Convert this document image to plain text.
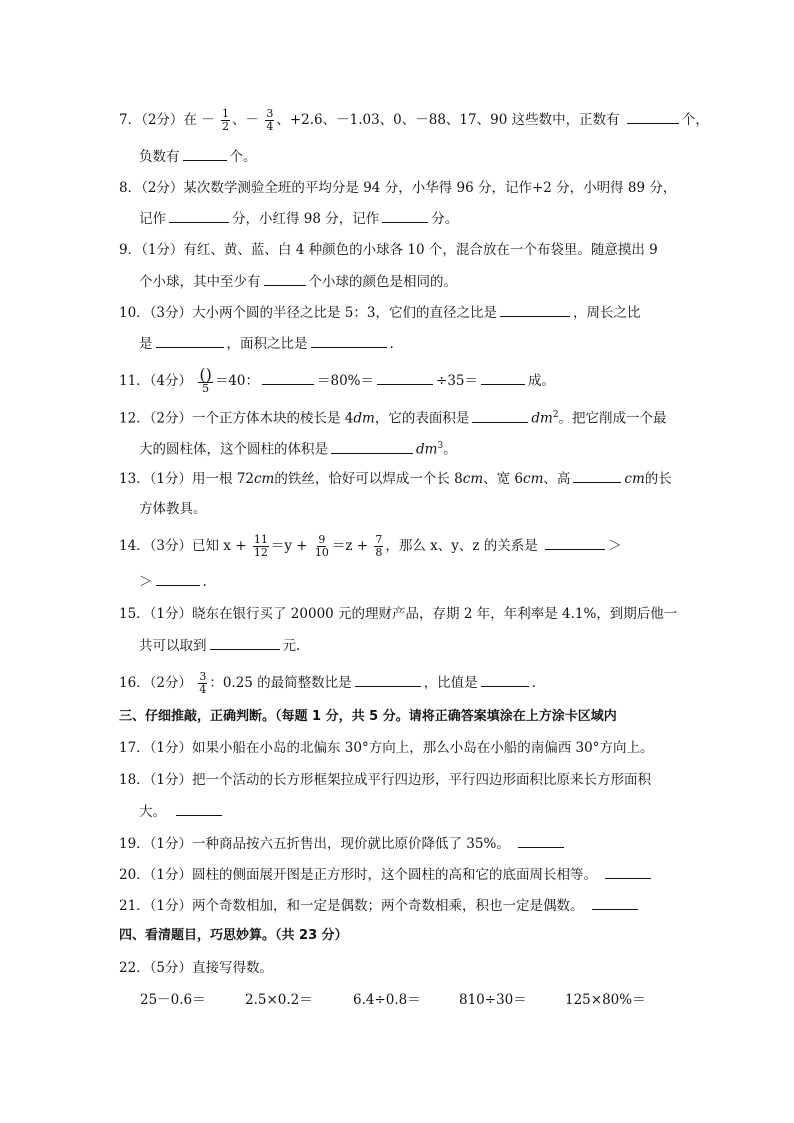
7．（2分）在 － $\frac{1}{2}$ 、－ $\frac{3}{4}$ 、+2.6、－1.03、0、－88、17、90 这些数中，正数有	个，
负数有	个。
8．（2分）某次数学测验全班的平均分是 94 分，小华得 96 分，记作+2 分，小明得 89 分，
记作	分，小红得 98 分，记作	分。
9．（1分）有红、黄、蓝、白 4 种颜色的小球各 10 个，混合放在一个布袋里。随意摸出 9
个小球，其中至少有	个小球的颜色是相同的。
10．（3分）大小两个圆的半径之比是 5：3，它们的直径之比是	，周长之比
是	，面积之比是	.
11．（4分） $\frac{()}{5} =40$：	＝80%＝	÷35＝	成。
12．（2分）一个正方体木块的棱长是 4dm，它的表面积是	$dm^2$。把它削成一个最
大的圆柱体，这个圆柱的体积是	$dm^3$。
13．（1分）用一根 72cm的铁丝，恰好可以焊成一个长 8cm、宽 6cm、高	cm的长
方体教具。
14．（3分）已知 $x + \frac{11}{12} =y + \frac{9}{10} =z + \frac{7}{8}$ ，那么 x、y、z 的关系是	＞
＞	.
15．（1分）晓东在银行买了 20000 元的理财产品，存期 2 年，年利率是 4.1%，到期后他一
共可以取到	元.
16．（2分） $\frac{3}{4}$ ：0.25 的最简整数比是	，比值是	.
三、仔细推敲，正确判断。（每题 1 分，共 5 分。请将正确答案填涂在上方涂卡区域内
17．（1分）如果小船在小岛的北偏东 30°方向上，那么小岛在小船的南偏西 30°方向上。
18．（1分）把一个活动的长方形框架拉成平行四边形，平行四边形面积比原来长方形面积
大。
19．（1分）一种商品按六五折售出，现价就比原价降低了 35%。
20．（1分）圆柱的侧面展开图是正方形时，这个圆柱的高和它的底面周长相等。
21．（1分）两个奇数相加，和一定是偶数；两个奇数相乘，积也一定是偶数。
四、看清题目，巧思妙算。（共 23 分）
22．（5分）直接写得数。
25－0.6＝	2.5×0.2＝	6.4÷0.8＝	810÷30＝	125×80%＝
